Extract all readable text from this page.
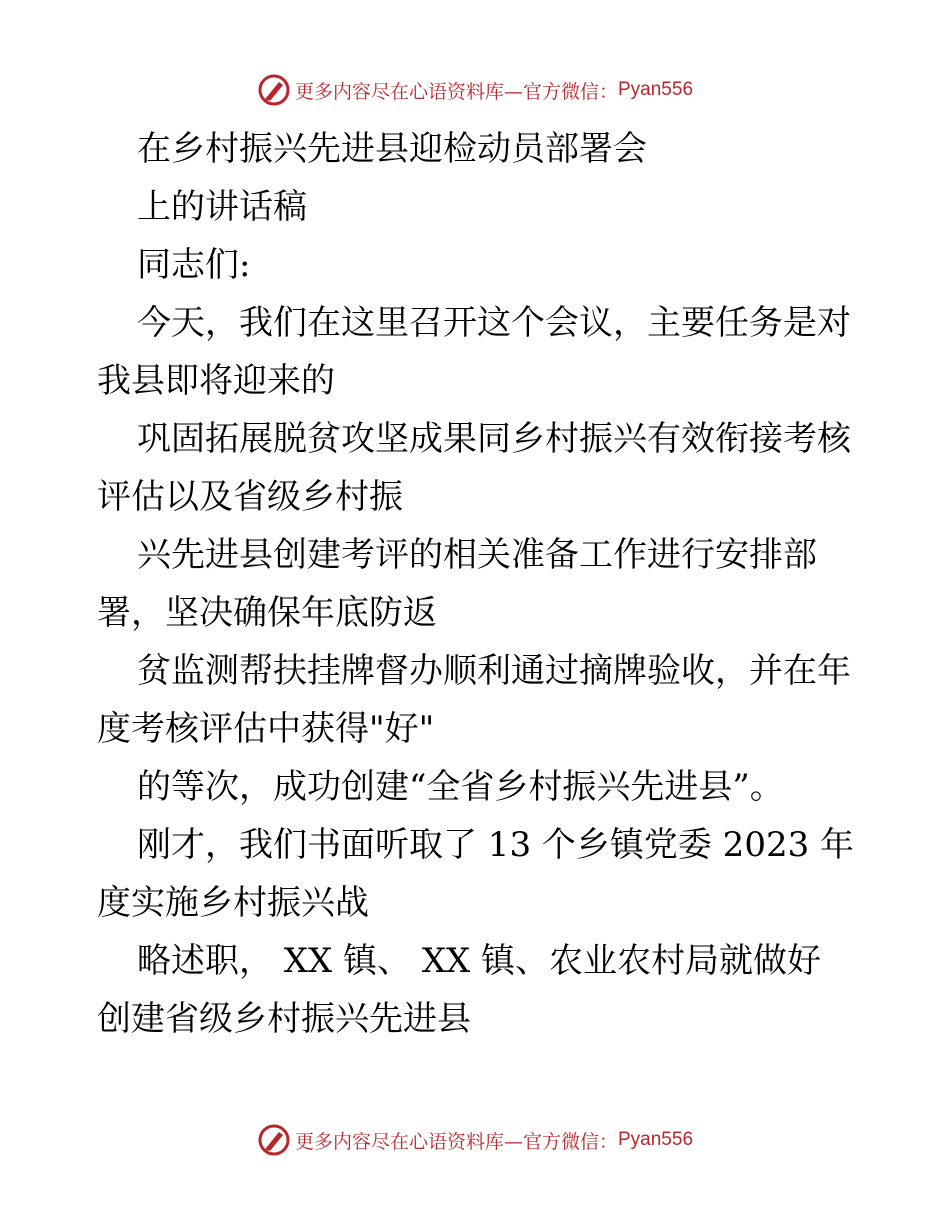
更多内容尽在心语资料库—官方微信： Pyan556
在乡村振兴先进县迎检动员部署会
上的讲话稿
同志们:
今天，我们在这里召开这个会议，主要任务是对
我县即将迎来的
巩固拓展脱贫攻坚成果同乡村振兴有效衔接考核
评估以及省级乡村振
兴先进县创建考评的相关准备工作进行安排部
署，坚决确保年底防返
贫监测帮扶挂牌督办顺利通过摘牌验收，并在年
度考核评估中获得"好"
的等次，成功创建“全省乡村振兴先进县”。
刚才，我们书面听取了 13 个乡镇党委 2023 年
度实施乡村振兴战
略述职， XX 镇、 XX 镇、农业农村局就做好
创建省级乡村振兴先进县
更多内容尽在心语资料库—官方微信： Pyan556
